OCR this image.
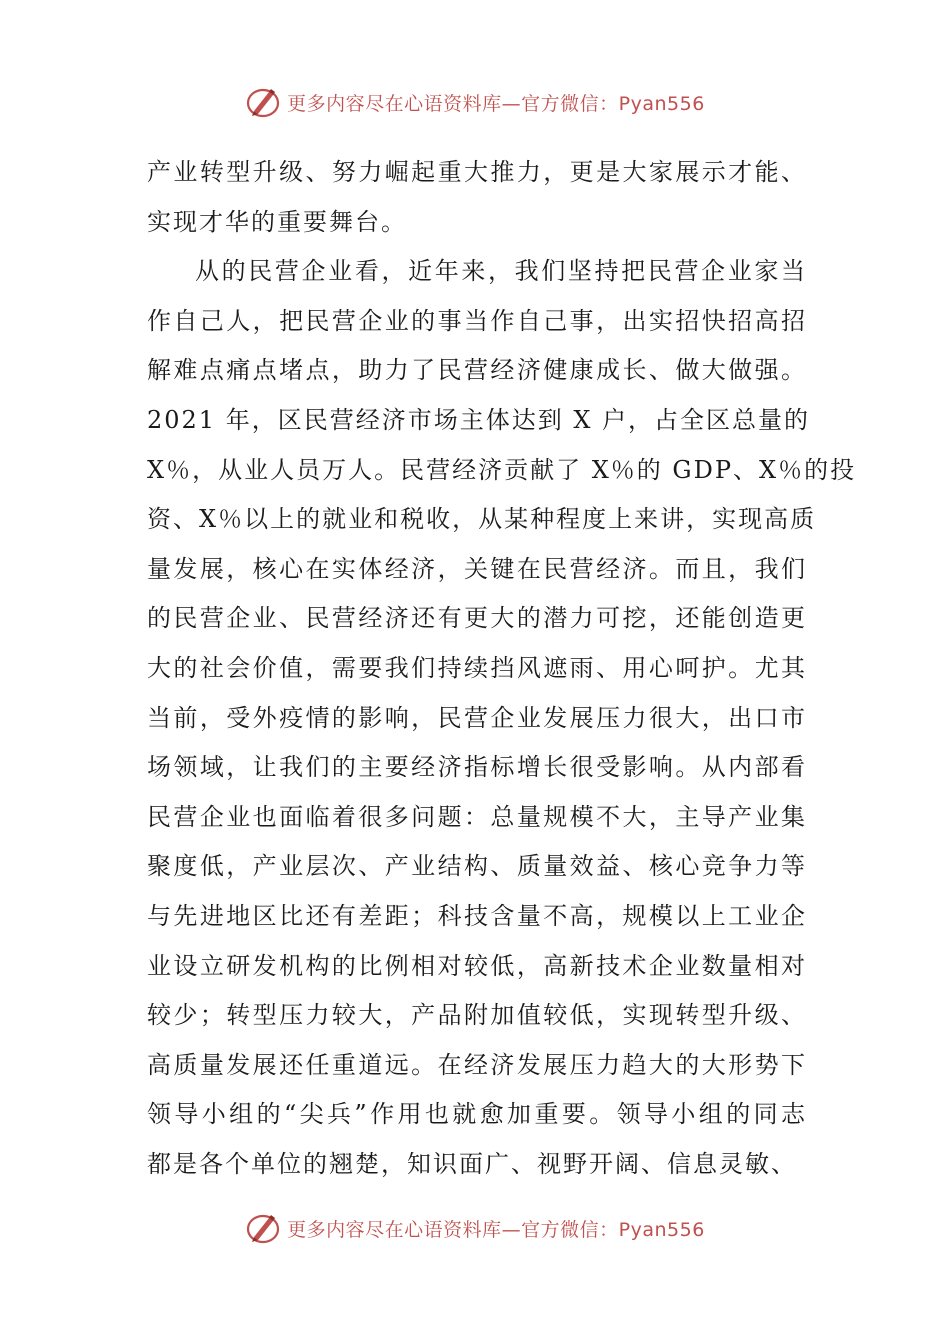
更多内容尽在心语资料库—官方微信：Pyan556
产业转型升级、努力崛起重大推力，更是大家展示才能、
实现才华的重要舞台。
从的民营企业看，近年来，我们坚持把民营企业家当
作自己人，把民营企业的事当作自己事，出实招快招高招
解难点痛点堵点，助力了民营经济健康成长、做大做强。
2021 年，区民营经济市场主体达到 X 户，占全区总量的
X％，从业人员万人。民营经济贡献了 X％的 GDP、X％的投
资、X％以上的就业和税收，从某种程度上来讲，实现高质
量发展，核心在实体经济，关键在民营经济。而且，我们
的民营企业、民营经济还有更大的潜力可挖，还能创造更
大的社会价值，需要我们持续挡风遮雨、用心呵护。尤其
当前，受外疫情的影响，民营企业发展压力很大，出口市
场领域，让我们的主要经济指标增长很受影响。从内部看
民营企业也面临着很多问题：总量规模不大，主导产业集
聚度低，产业层次、产业结构、质量效益、核心竞争力等
与先进地区比还有差距；科技含量不高，规模以上工业企
业设立研发机构的比例相对较低，高新技术企业数量相对
较少；转型压力较大，产品附加值较低，实现转型升级、
高质量发展还任重道远。在经济发展压力趋大的大形势下
领导小组的“尖兵”作用也就愈加重要。领导小组的同志
都是各个单位的翘楚，知识面广、视野开阔、信息灵敏、
更多内容尽在心语资料库—官方微信：Pyan556
